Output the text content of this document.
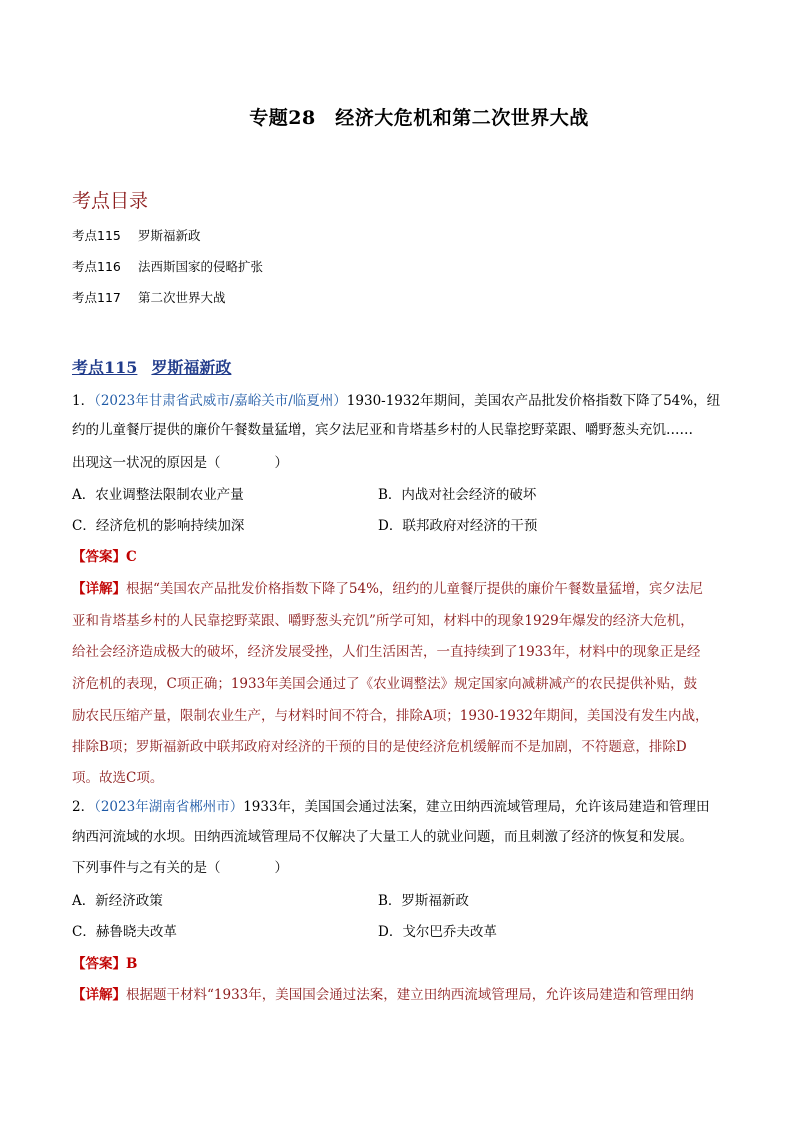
专题28　经济大危机和第二次世界大战
考点目录
考点115	罗斯福新政
考点116	法西斯国家的侵略扩张
考点117	第二次世界大战
考点115 罗斯福新政
1．（2023年甘肃省武威市/嘉峪关市/临夏州）1930-1932年期间，美国农产品批发价格指数下降了54%，纽
约的儿童餐厅提供的廉价午餐数量猛增，宾夕法尼亚和肯塔基乡村的人民靠挖野菜跟、嚼野葱头充饥……
出现这一状况的原因是（　　　　）
A．农业调整法限制农业产量	B．内战对社会经济的破坏
C．经济危机的影响持续加深	D．联邦政府对经济的干预
【答案】C
【详解】根据“美国农产品批发价格指数下降了54%，纽约的儿童餐厅提供的廉价午餐数量猛增，宾夕法尼
亚和肯塔基乡村的人民靠挖野菜跟、嚼野葱头充饥”所学可知，材料中的现象1929年爆发的经济大危机，
给社会经济造成极大的破坏，经济发展受挫，人们生活困苦，一直持续到了1933年，材料中的现象正是经
济危机的表现，C项正确；1933年美国会通过了《农业调整法》规定国家向减耕减产的农民提供补贴，鼓
励农民压缩产量，限制农业生产，与材料时间不符合，排除A项；1930-1932年期间，美国没有发生内战，
排除B项；罗斯福新政中联邦政府对经济的干预的目的是使经济危机缓解而不是加剧，不符题意，排除D
项。故选C项。
2．（2023年湖南省郴州市）1933年，美国国会通过法案，建立田纳西流域管理局，允许该局建造和管理田
纳西河流域的水坝。田纳西流域管理局不仅解决了大量工人的就业问题，而且刺激了经济的恢复和发展。
下列事件与之有关的是（　　　　）
A．新经济政策	B．罗斯福新政
C．赫鲁晓夫改革	D．戈尔巴乔夫改革
【答案】B
【详解】根据题干材料“1933年，美国国会通过法案，建立田纳西流域管理局，允许该局建造和管理田纳
